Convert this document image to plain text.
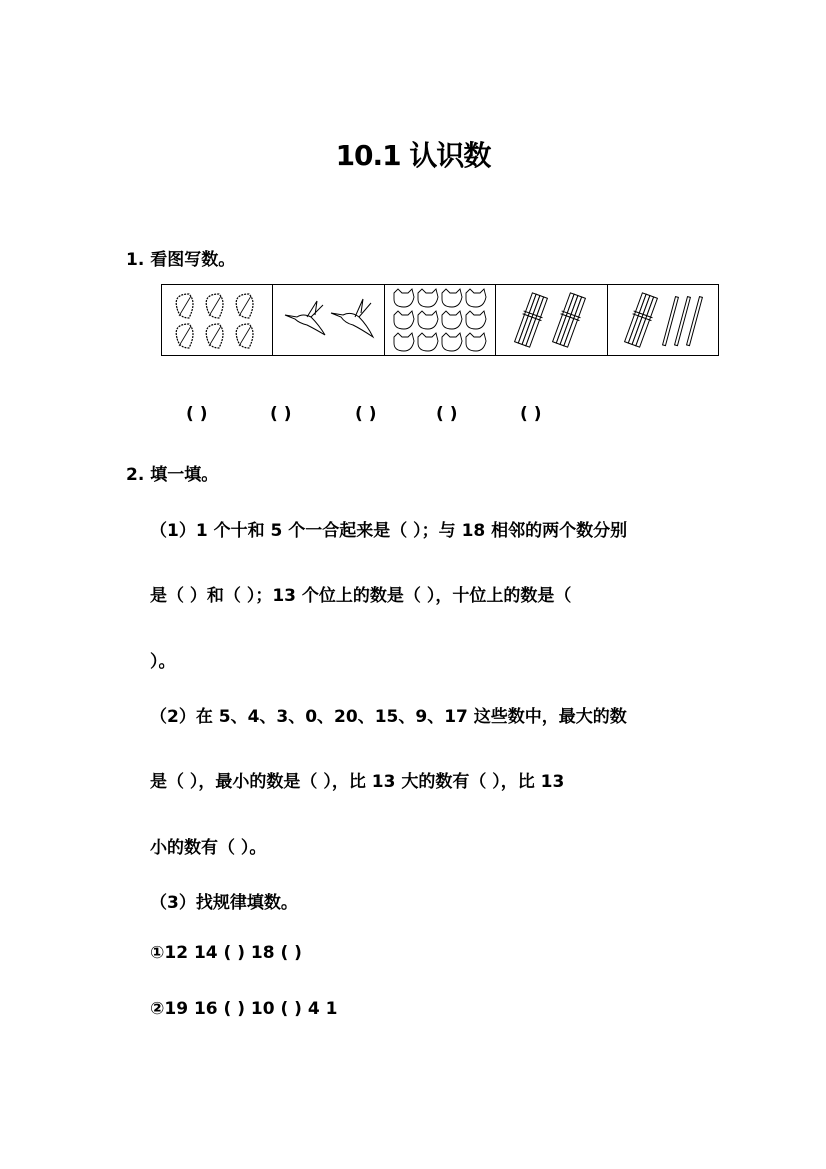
10.1 认识数
1. 看图写数。
( )	( )	( )	( )	( )
2. 填一填。
（1）1 个十和 5 个一合起来是（ ）；与 18 相邻的两个数分别
是（ ）和（ ）；13 个位上的数是（ ），十位上的数是（
）。
（2）在 5、4、3、0、20、15、9、17 这些数中，最大的数
是（ ），最小的数是（ ），比 13 大的数有（ ），比 13
小的数有（ ）。
（3）找规律填数。
①12 14 ( ) 18 ( )
②19 16 ( ) 10 ( ) 4 1
